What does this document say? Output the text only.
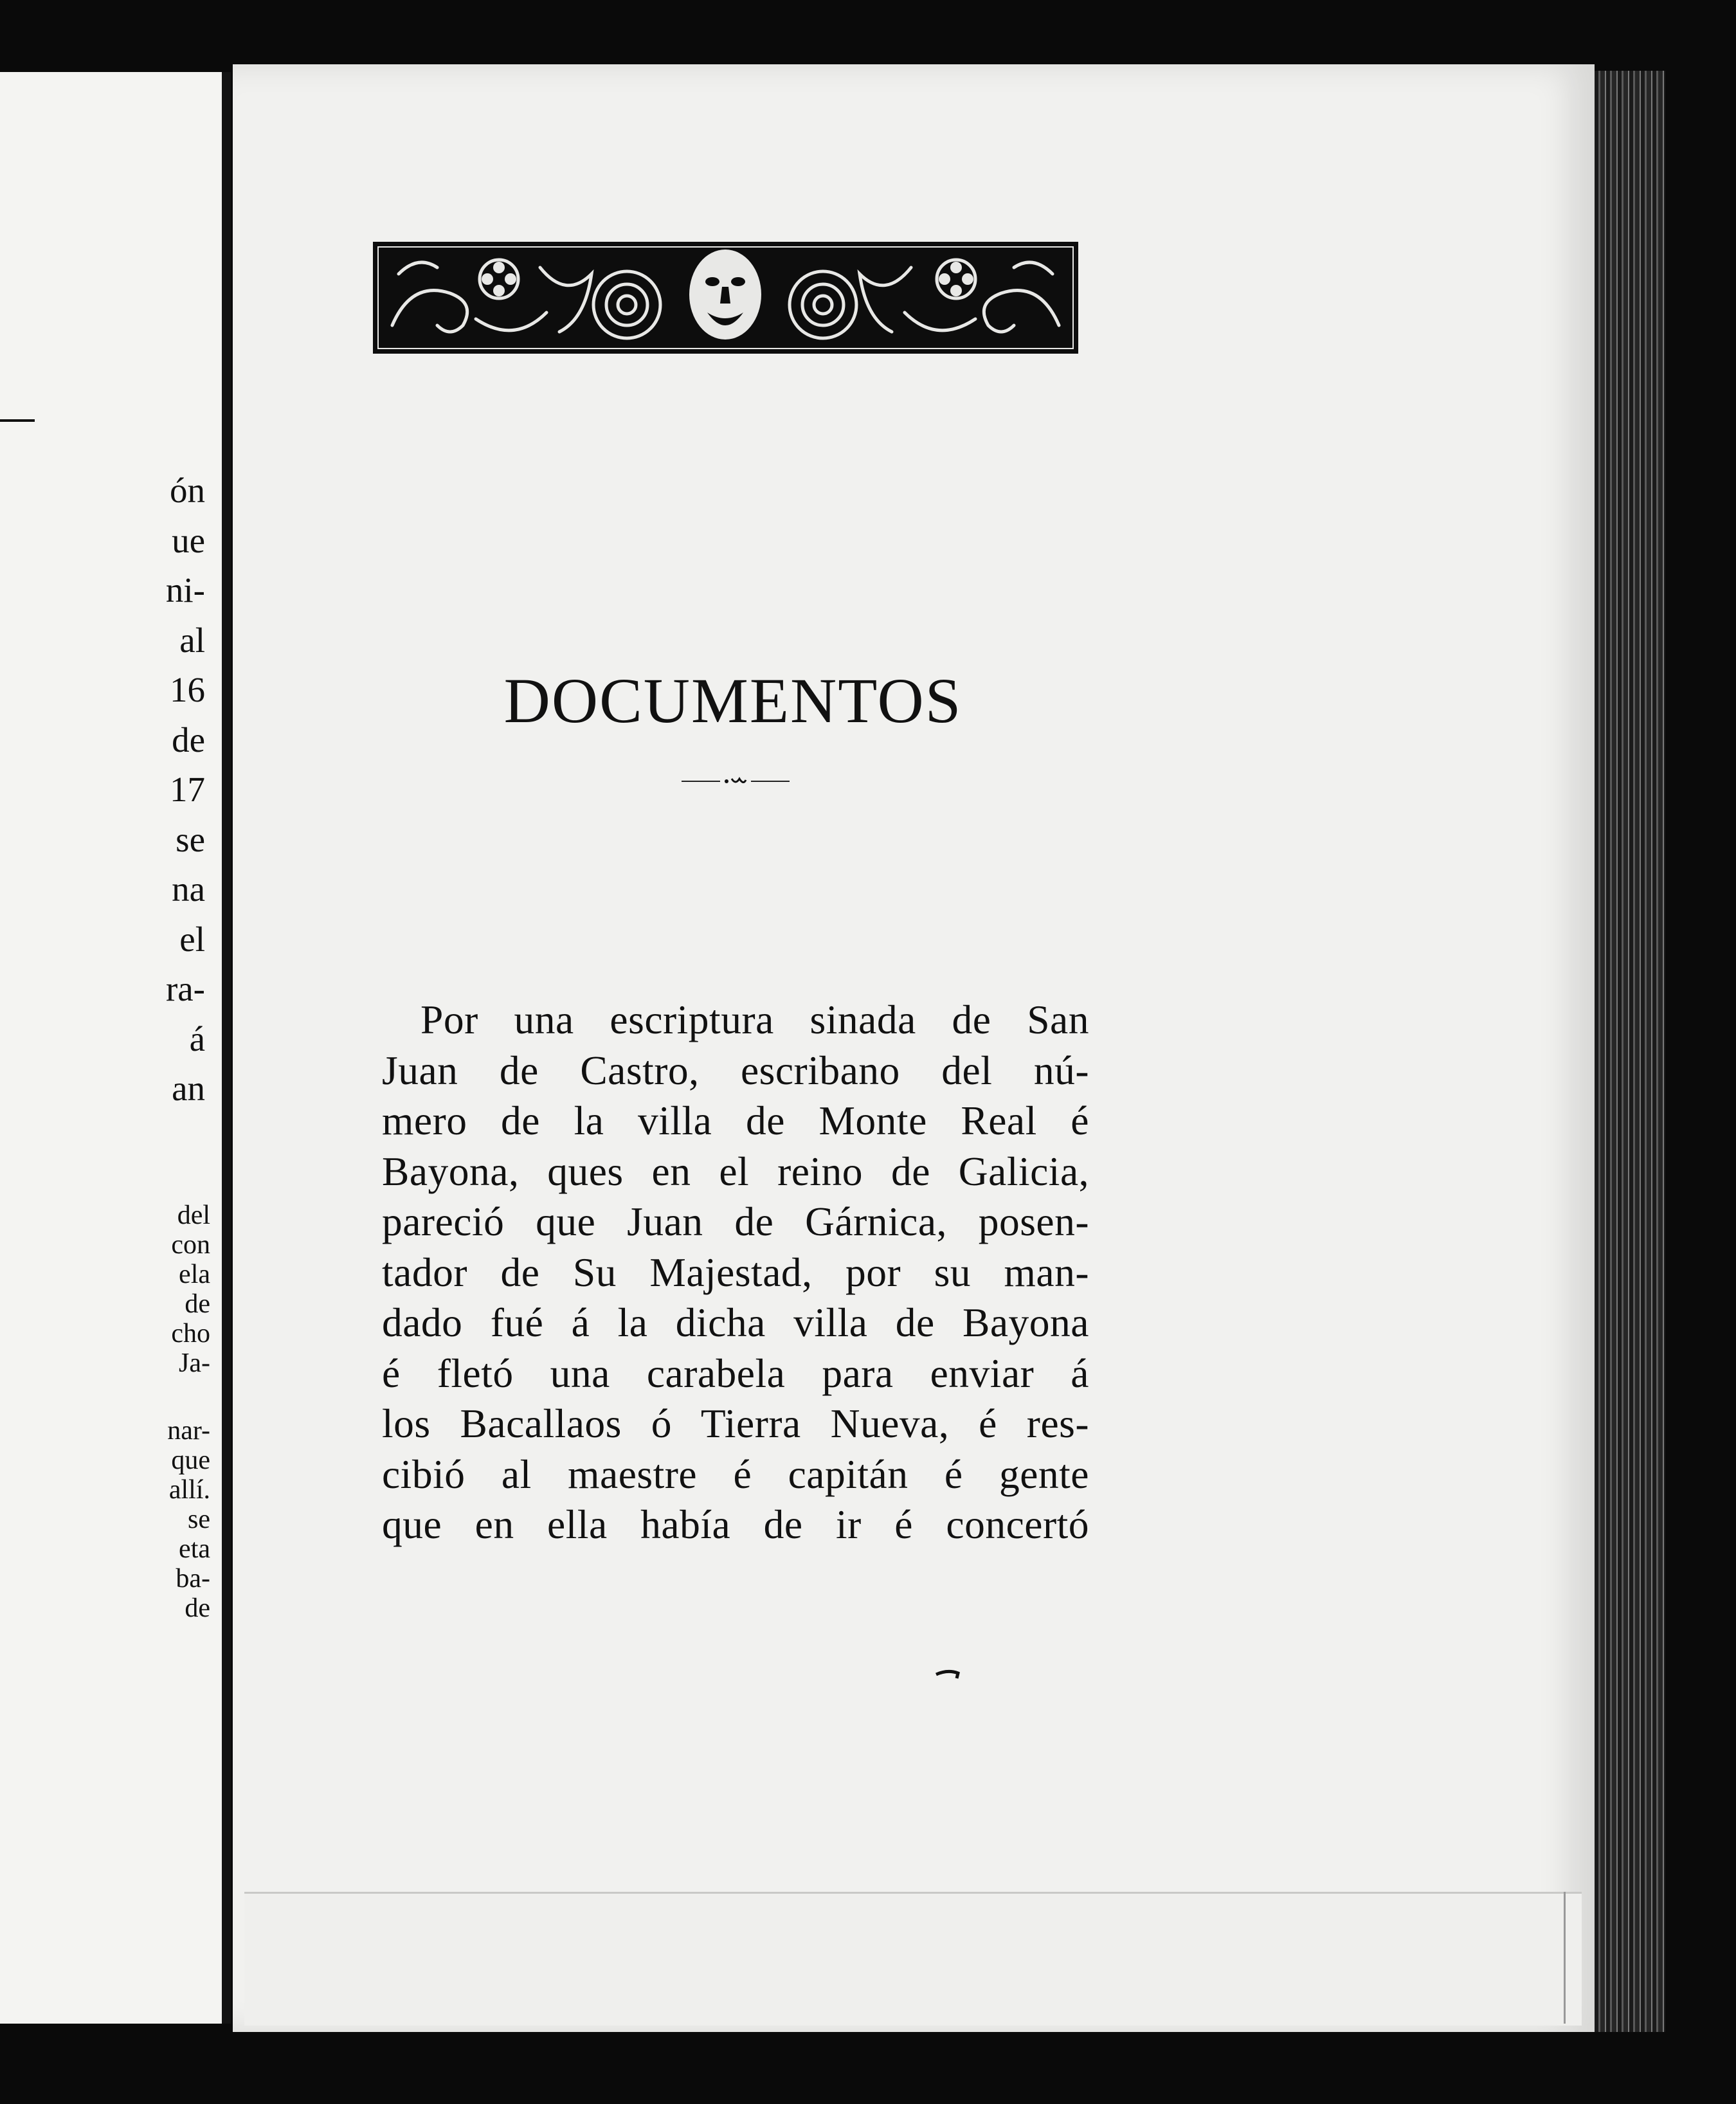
ón
ue
ni-
al
16
de
17
se
na
el
ra-
á
an
del
con
ela
de
cho
Ja-
nar-
que
allí.
se
eta
ba-
de
DOCUMENTOS
Por una escriptura sinada de San
Juan de Castro, escribano del nú-
mero de la villa de Monte Real é
Bayona, ques en el reino de Galicia,
pareció que Juan de Gárnica, posen-
tador de Su Majestad, por su man-
dado fué á la dicha villa de Bayona
é fletó una carabela para enviar á
los Bacallaos ó Tierra Nueva, é res-
cibió al maestre é capitán é gente
que en ella había de ir é concertó
